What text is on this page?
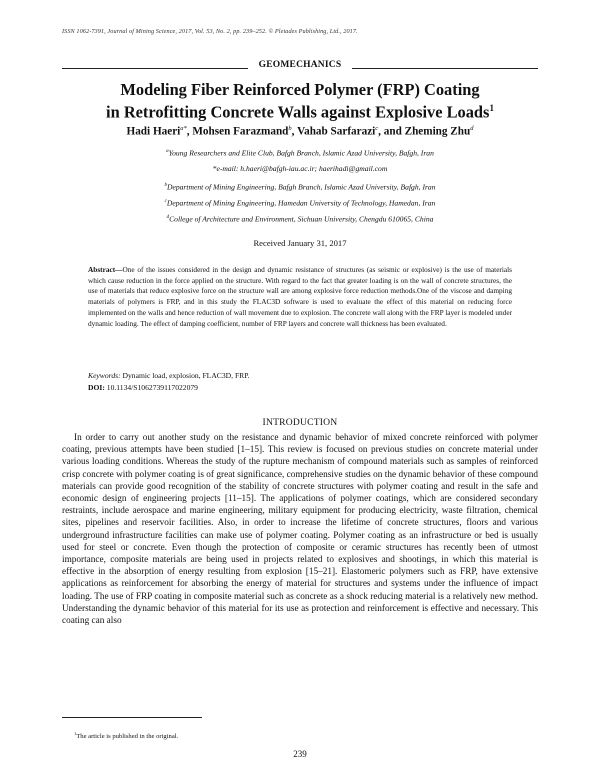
ISSN 1062-7391, Journal of Mining Science, 2017, Vol. 53, No. 2, pp. 239–252. © Pleiades Publishing, Ltd., 2017.
GEOMECHANICS
Modeling Fiber Reinforced Polymer (FRP) Coating
in Retrofitting Concrete Walls against Explosive Loads$^1$
Hadi Haeri$^{a*}$, Mohsen Farazmand$^b$, Vahab Sarfarazi$^c$, and Zheming Zhu$^d$
$^a$Young Researchers and Elite Club, Bafgh Branch, Islamic Azad University, Bafgh, Iran
*e-mail: h.haeri@bafgh-iau.ac.ir; haerihadi@gmail.com
$^b$Department of Mining Engineering, Bafgh Branch, Islamic Azad University, Bafgh, Iran
$^c$Department of Mining Engineering, Hamedan University of Technology, Hamedan, Iran
$^d$College of Architecture and Environment, Sichuan University, Chengdu 610065, China
Received January 31, 2017
Abstract—One of the issues considered in the design and dynamic resistance of structures (as seismic or explosive) is the use of materials which cause reduction in the force applied on the structure. With regard to the fact that greater loading is on the wall of concrete structures, the use of materials that reduce explosive force on the structure wall are among explosive force reduction methods.One of the viscose and damping materials of polymers is FRP, and in this study the FLAC3D software is used to evaluate the effect of this material on reducing force implemented on the walls and hence reduction of wall movement due to explosion. The concrete wall along with the FRP layer is modeled under dynamic loading. The effect of damping coefficient, number of FRP layers and concrete wall thickness has been evaluated.
Keywords: Dynamic load, explosion, FLAC3D, FRP.
DOI: 10.1134/S1062739117022079
INTRODUCTION
In order to carry out another study on the resistance and dynamic behavior of mixed concrete reinforced with polymer coating, previous attempts have been studied [1–15]. This review is focused on previous studies on concrete material under various loading conditions. Whereas the study of the rupture mechanism of compound materials such as samples of reinforced crisp concrete with polymer coating is of great significance, comprehensive studies on the dynamic behavior of these compound materials can provide good recognition of the stability of concrete structures with polymer coating and result in the safe and economic design of engineering projects [11–15]. The applications of polymer coatings, which are considered secondary restraints, include aerospace and marine engineering, military equipment for producing electricity, waste filtration, chemical sites, pipelines and reservoir facilities. Also, in order to increase the lifetime of concrete structures, floors and various underground infrastructure facilities can make use of polymer coating. Polymer coating as an infrastructure or bed is usually used for steel or concrete. Even though the protection of composite or ceramic structures has recently been of utmost importance, composite materials are being used in projects related to explosives and shootings, in which this material is effective in the absorption of energy resulting from explosion [15–21]. Elastomeric polymers such as FRP, have extensive applications as reinforcement for absorbing the energy of material for structures and systems under the influence of impact loading. The use of FRP coating in composite material such as concrete as a shock reducing material is a relatively new method. Understanding the dynamic behavior of this material for its use as protection and reinforcement is effective and necessary. This coating can also
$^1$The article is published in the original.
239
